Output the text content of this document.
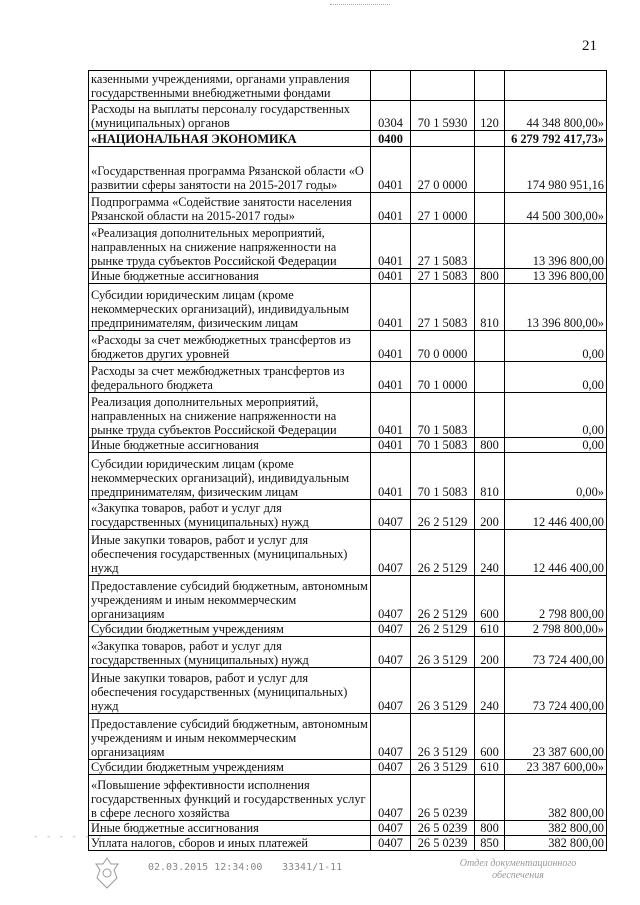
21
казенными учреждениями, органами управления государственными внебюджетными фондами				
Расходы на выплаты персоналу государственных (муниципальных) органов	0304	70 1 5930	120	44 348 800,00»
«НАЦИОНАЛЬНАЯ ЭКОНОМИКА	0400			6 279 792 417,73»
«Государственная программа Рязанской области «О развитии сферы занятости на 2015-2017 годы»	0401	27 0 0000		174 980 951,16
Подпрограмма «Содействие занятости населения Рязанской области на 2015-2017 годы»	0401	27 1 0000		44 500 300,00»
«Реализация дополнительных мероприятий, направленных на снижение напряженности на рынке труда субъектов Российской Федерации	0401	27 1 5083		13 396 800,00
Иные бюджетные ассигнования	0401	27 1 5083	800	13 396 800,00
Субсидии юридическим лицам (кроме некоммерческих организаций), индивидуальным предпринимателям, физическим лицам	0401	27 1 5083	810	13 396 800,00»
«Расходы за счет межбюджетных трансфертов из бюджетов других уровней	0401	70 0 0000		0,00
Расходы за счет межбюджетных трансфертов из федерального бюджета	0401	70 1 0000		0,00
Реализация дополнительных мероприятий, направленных на снижение напряженности на рынке труда субъектов Российской Федерации	0401	70 1 5083		0,00
Иные бюджетные ассигнования	0401	70 1 5083	800	0,00
Субсидии юридическим лицам (кроме некоммерческих организаций), индивидуальным предпринимателям, физическим лицам	0401	70 1 5083	810	0,00»
«Закупка товаров, работ и услуг для государственных (муниципальных) нужд	0407	26 2 5129	200	12 446 400,00
Иные закупки товаров, работ и услуг для обеспечения государственных (муниципальных) нужд	0407	26 2 5129	240	12 446 400,00
Предоставление субсидий бюджетным, автономным учреждениям и иным некоммерческим организациям	0407	26 2 5129	600	2 798 800,00
Субсидии бюджетным учреждениям	0407	26 2 5129	610	2 798 800,00»
«Закупка товаров, работ и услуг для государственных (муниципальных) нужд	0407	26 3 5129	200	73 724 400,00
Иные закупки товаров, работ и услуг для обеспечения государственных (муниципальных) нужд	0407	26 3 5129	240	73 724 400,00
Предоставление субсидий бюджетным, автономным учреждениям и иным некоммерческим организациям	0407	26 3 5129	600	23 387 600,00
Субсидии бюджетным учреждениям	0407	26 3 5129	610	23 387 600,00»
«Повышение эффективности исполнения государственных функций и государственных услуг в сфере лесного хозяйства	0407	26 5 0239		382 800,00
Иные бюджетные ассигнования	0407	26 5 0239	800	382 800,00
Уплата налогов, сборов и иных платежей	0407	26 5 0239	850	382 800,00
- - - - - -
02.03.2015 12:34:00 33341/1-11	Отдел документационного
обеспечения
